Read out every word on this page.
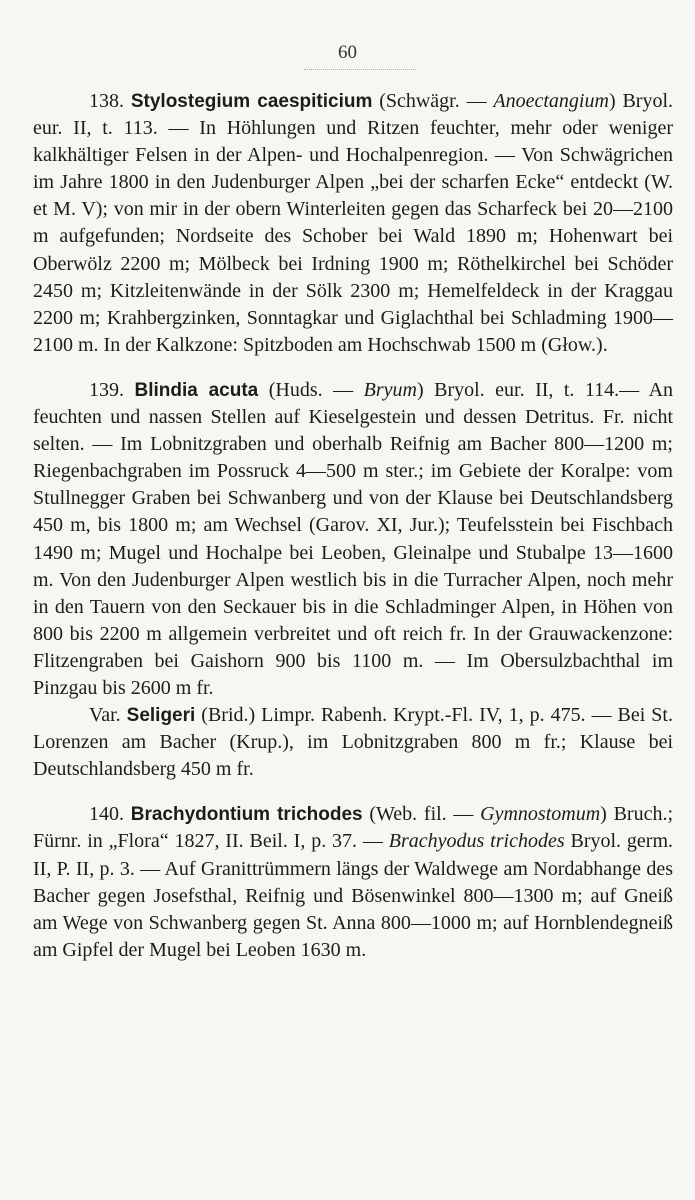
60

138. Stylostegium caespiticium (Schwägr. — Anoectangium) Bryol. eur. II, t. 113. — In Höhlungen und Ritzen feuchter, mehr oder weniger kalkhältiger Felsen in der Alpen- und Hochalpenregion. — Von Schwägrichen im Jahre 1800 in den Judenburger Alpen „bei der scharfen Ecke“ entdeckt (W. et M. V); von mir in der obern Winterleiten gegen das Scharfeck bei 20—2100 m aufgefunden; Nordseite des Schober bei Wald 1890 m; Hohenwart bei Oberwölz 2200 m; Mölbeck bei Irdning 1900 m; Röthelkirchel bei Schöder 2450 m; Kitzleitenwände in der Sölk 2300 m; Hemelfeldeck in der Kraggau 2200 m; Krahbergzinken, Sonntagkar und Giglachthal bei Schladming 1900—2100 m. In der Kalkzone: Spitzboden am Hochschwab 1500 m (Głow.).

139. Blindia acuta (Huds. — Bryum) Bryol. eur. II, t. 114.— An feuchten und nassen Stellen auf Kieselgestein und dessen Detritus. Fr. nicht selten. — Im Lobnitzgraben und oberhalb Reifnig am Bacher 800—1200 m; Riegenbachgraben im Possruck 4—500 m ster.; im Gebiete der Koralpe: vom Stullnegger Graben bei Schwanberg und von der Klause bei Deutschlandsberg 450 m, bis 1800 m; am Wechsel (Garov. XI, Jur.); Teufelsstein bei Fischbach 1490 m; Mugel und Hochalpe bei Leoben, Gleinalpe und Stubalpe 13—1600 m. Von den Judenburger Alpen westlich bis in die Turracher Alpen, noch mehr in den Tauern von den Seckauer bis in die Schladminger Alpen, in Höhen von 800 bis 2200 m allgemein verbreitet und oft reich fr. In der Grauwackenzone: Flitzengraben bei Gaishorn 900 bis 1100 m. — Im Obersulzbachthal im Pinzgau bis 2600 m fr.

Var. Seligeri (Brid.) Limpr. Rabenh. Krypt.-Fl. IV, 1, p. 475. — Bei St. Lorenzen am Bacher (Krup.), im Lobnitzgraben 800 m fr.; Klause bei Deutschlandsberg 450 m fr.

140. Brachydontium trichodes (Web. fil. — Gymnostomum) Bruch.; Fürnr. in „Flora“ 1827, II. Beil. I, p. 37. — Brachyodus trichodes Bryol. germ. II, P. II, p. 3. — Auf Granittrümmern längs der Waldwege am Nordabhange des Bacher gegen Josefsthal, Reifnig und Bösenwinkel 800—1300 m; auf Gneiß am Wege von Schwanberg gegen St. Anna 800—1000 m; auf Hornblendegneiß am Gipfel der Mugel bei Leoben 1630 m.
